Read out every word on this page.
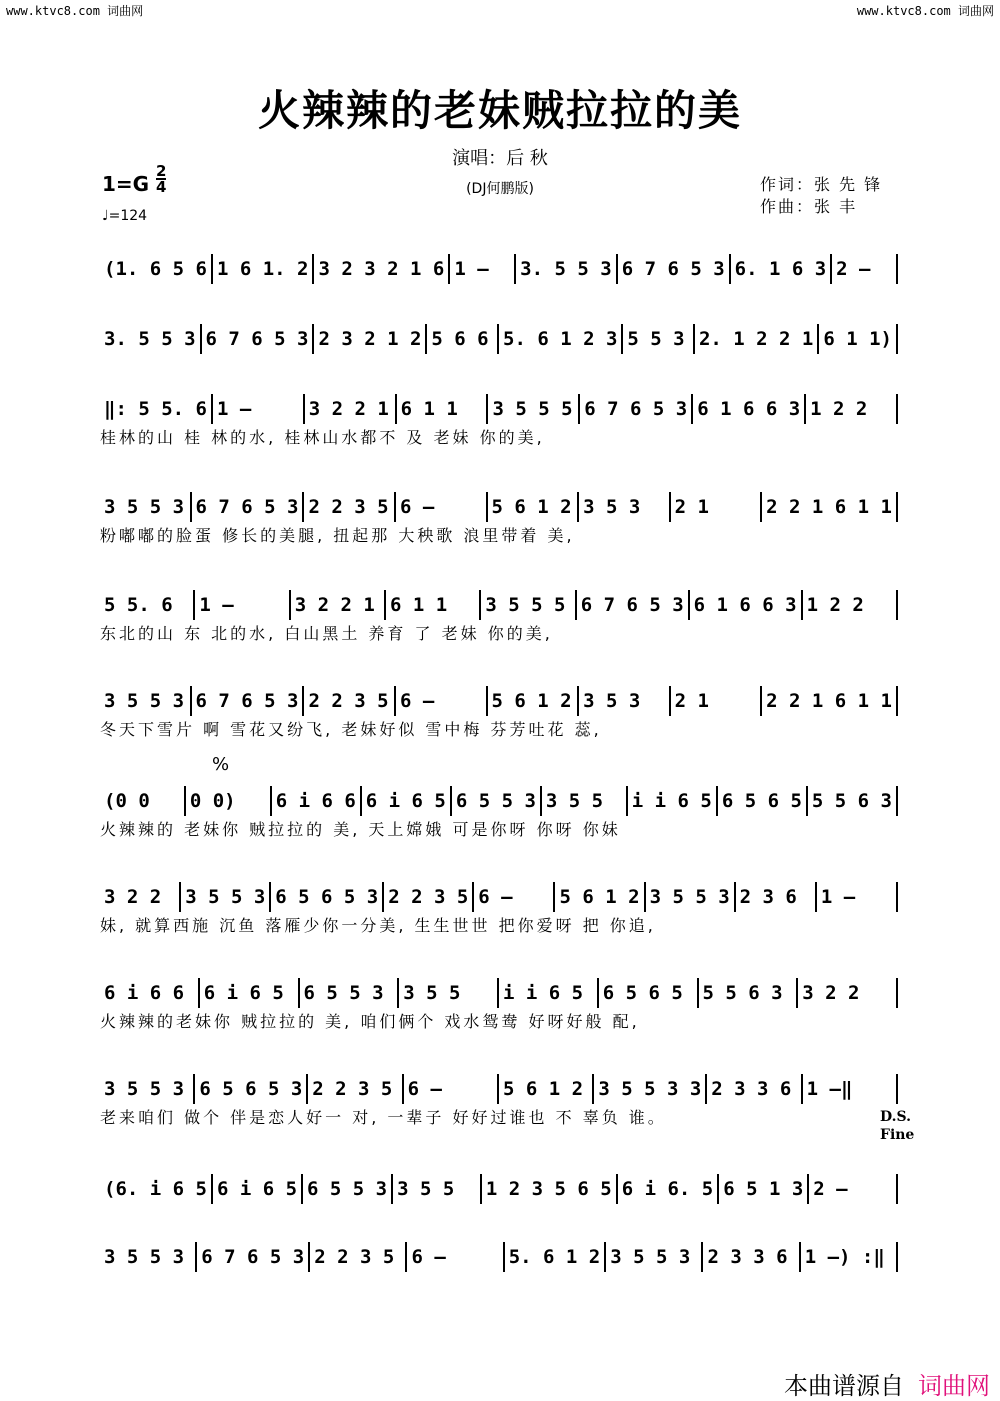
www.ktvc8.com 词曲网	www.ktvc8.com 词曲网
火辣辣的老妹贼拉拉的美
演唱：后 秋
1=G
2
4
♩=124
(DJ何鹏版)	作词：张 先 锋
作曲：张 丰
(1. 6 5 6 1 6 1. 2 3 2 3 2 1 6 1 –	3. 5 5 3 6 7 6 5 3 6. 1 6 3 2 –
3. 5 5 3 6 7 6 5 3 2 3 2 1 2 5 6 6 5. 6 1 2 3 5 5 3 2. 1 2 2 1 6 1 1)
‖: 5 5. 6 1 –	3 2 2 1 6 1 1	3 5 5 5 6 7 6 5 3 6 1 6 6 3 1 2 2
桂林的山 桂 林的水, 桂林山水都不 及 老妹 你的美,
3 5 5 3 6 7 6 5 3 2 2 3 5 6 –	5 6 1 2 3 5 3	2 1	2 2 1 6 1 1
粉嘟嘟的脸蛋 修长的美腿, 扭起那 大秧歌 浪里带着 美,
5 5. 6	1 –	3 2 2 1 6 1 1	3 5 5 5 6 7 6 5 3 6 1 6 6 3 1 2 2
东北的山 东 北的水, 白山黑土 养育 了 老妹 你的美,
3 5 5 3 6 7 6 5 3 2 2 3 5 6 –	5 6 1 2 3 5 3	2 1	2 2 1 6 1 1
冬天下雪片 啊 雪花又纷飞, 老妹好似 雪中梅 芬芳吐花 蕊,
(0 0	0 0)	6 i 6 6 6 i 6 5 6 5 5 3 3 5 5	i i 6 5 6 5 6 5 5 5 6 3
火辣辣的 老妹你 贼拉拉的 美, 天上嫦娥 可是你呀 你呀 你妹
3 2 2	3 5 5 3 6 5 6 5 3 2 2 3 5 6 –	5 6 1 2 3 5 5 3 2 3 6	1 –
妹, 就算西施 沉鱼 落雁少你一分美, 生生世世 把你爱呀 把 你追,
6 i 6 6	6 i 6 5	6 5 5 3	3 5 5	i i 6 5	6 5 6 5	5 5 6 3	3 2 2
火辣辣的老妹你 贼拉拉的 美, 咱们俩个 戏水鸳鸯 好呀好般 配,
3 5 5 3 6 5 6 5 3 2 2 3 5 6 –	5 6 1 2 3 5 5 3 3 2 3 3 6 1 –‖
老来咱们 做个 伴是恋人好一 对, 一辈子 好好过谁也 不 辜负 谁。
(6. i 6 5 6 i 6 5 6 5 5 3 3 5 5	1 2 3 5 6 5 6 i 6. 5 6 5 1 3 2 –
3 5 5 3 6 7 6 5 3 2 2 3 5 6 –	5. 6 1 2 3 5 5 3 2 3 3 6 1 –) :‖
%
D.S.
Fine
本曲谱源自 词曲网
